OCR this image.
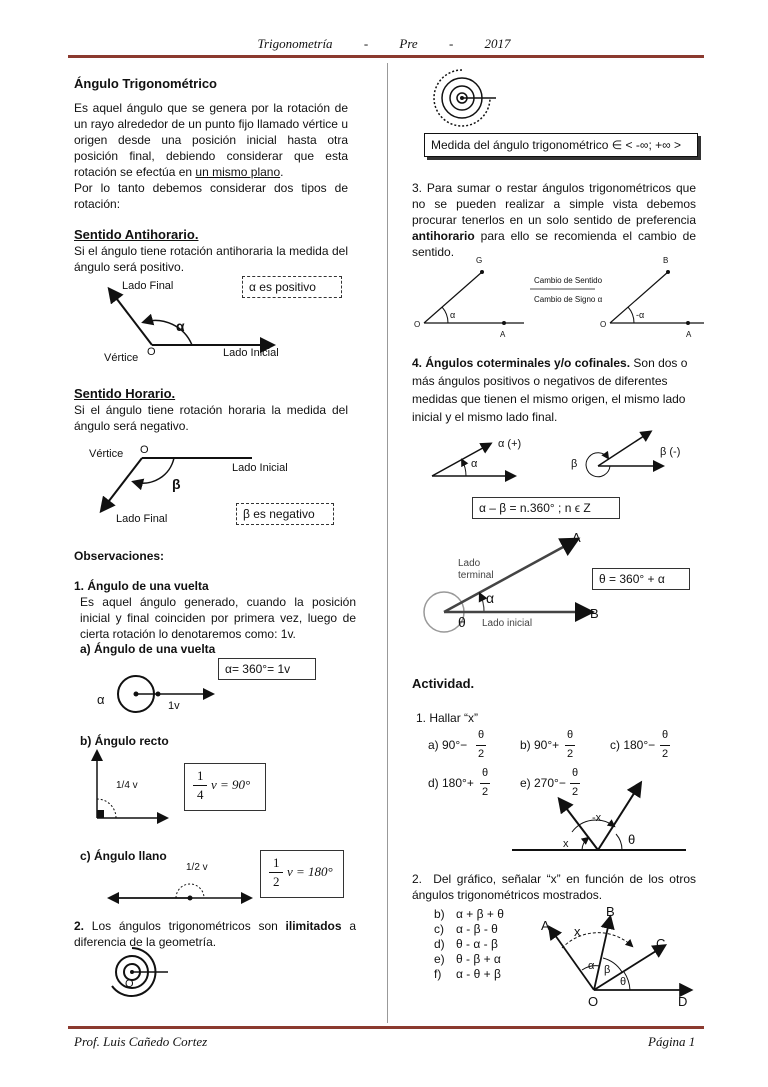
Trigonometría - Pre - 2017
Ángulo Trigonométrico
Es aquel ángulo que se genera por la rotación de un rayo alrededor de un punto fijo llamado vértice u origen desde una posición inicial hasta otra posición final, debiendo considerar que esta rotación se efectúa en un mismo plano.
Por lo tanto debemos considerar dos tipos de rotación:
Sentido Antihorario.
Si el ángulo tiene rotación antihoraria la medida del ángulo será positivo.
Lado Final
Vértice O	Lado Inicial
α
α es positivo
Sentido Horario.
Si el ángulo tiene rotación horaria la medida del ángulo será negativo.
Vértice O
Lado Inicial
Lado Final
β
β es negativo
Observaciones:
1. Ángulo de una vuelta
Es aquel ángulo generado, cuando la posición inicial y final coinciden por primera vez, luego de cierta rotación lo denotaremos como: 1v.
a) Ángulo de una vuelta
α= 360°= 1v
α	1v
b) Ángulo recto
1/4 v
1
4
v = 90°
c) Ángulo llano
1/2 v	1
2
v = 180°
2. Los ángulos trigonométricos son ilimitados a diferencia de la geometría.
O
Medida del ángulo trigonométrico ∈ < -∞; +∞ >
3. Para sumar o restar ángulos trigonométricos que no se pueden realizar a simple vista debemos procurar tenerlos en un solo sentido de preferencia antihorario para ello se recomienda el cambio de sentido.
G
O
A
α
Cambio de Sentido
Cambio de Signo α
B
O
A
-α
4. Ángulos coterminales y/o cofinales. Son dos o más ángulos positivos o negativos de diferentes medidas que tienen el mismo origen, el mismo lado inicial y el mismo lado final.
α (+)
α
β (-)
β
α – β = n.360° ; n ϵ Z
A
Lado
terminal
α
θ Lado inicial
B
θ = 360° + α
Actividad.
1. Hallar “x”
a) 90°−
θ
2
b) 90°+
θ
2
c) 180°−
θ
2
d) 180°+
θ
2
e) 270°−
θ
2
-x
x	θ
2. Del gráfico, señalar “x” en función de los otros ángulos trigonométricos mostrados.
b) α + β + θ
c) α - β - θ
d) θ - α - β
e) θ - β + α
f) α - θ + β
A
B
C
x
α β
θ
O	D
Prof. Luis Cañedo Cortez	Página 1
